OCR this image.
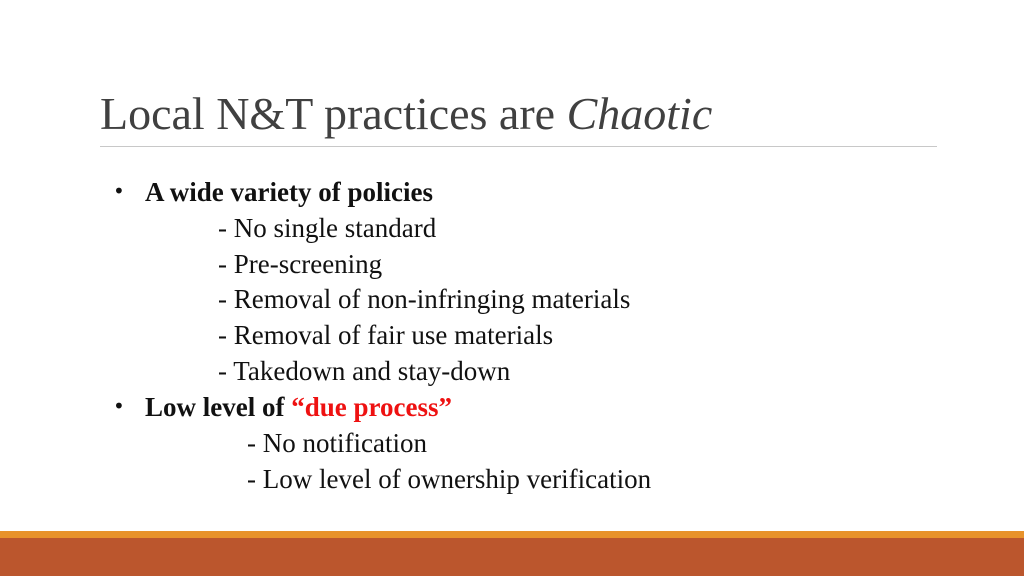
Local N&T practices are Chaotic
• A wide variety of policies
- No single standard
- Pre-screening
- Removal of non-infringing materials
- Removal of fair use materials
- Takedown and stay-down
• Low level of “due process”
- No notification
- Low level of ownership verification
